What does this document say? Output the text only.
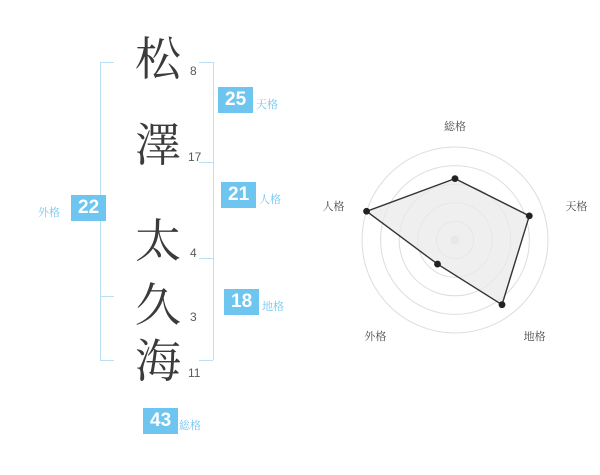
松 8
澤 17
太 4
久 3
海 11
25 天格
21 人格
18 地格
外格 22
43 総格
総格
天格
地格
外格
人格
